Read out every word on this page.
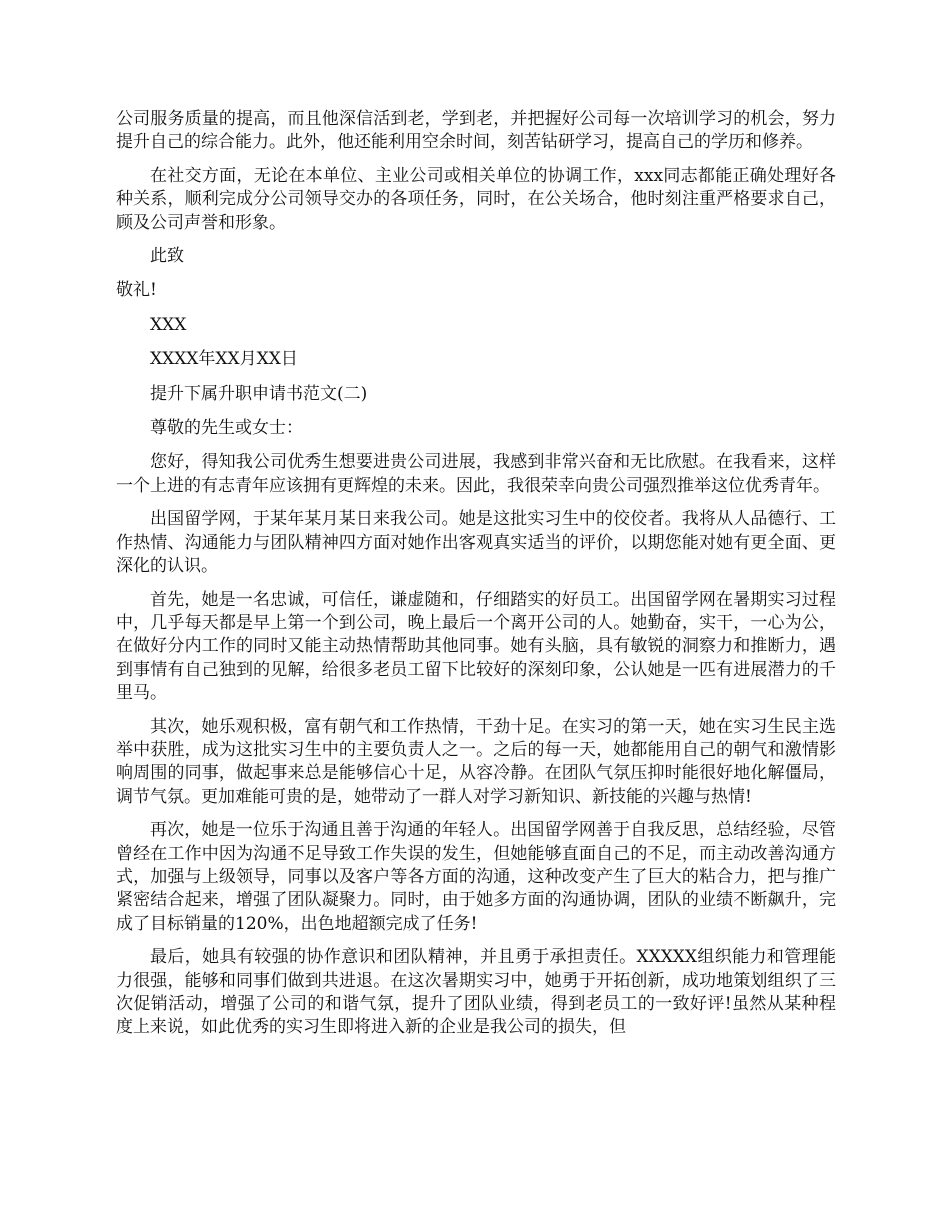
公司服务质量的提高，而且他深信活到老，学到老，并把握好公司每一次培训学习的机会，努力提升自己的综合能力。此外，他还能利用空余时间，刻苦钻研学习，提高自己的学历和修养。

在社交方面，无论在本单位、主业公司或相关单位的协调工作，xxx同志都能正确处理好各种关系，顺利完成分公司领导交办的各项任务，同时，在公关场合，他时刻注重严格要求自己，顾及公司声誉和形象。

此致

敬礼!

XXX

XXXX年XX月XX日

提升下属升职申请书范文(二)

尊敬的先生或女士：

您好，得知我公司优秀生想要进贵公司进展，我感到非常兴奋和无比欣慰。在我看来，这样一个上进的有志青年应该拥有更辉煌的未来。因此，我很荣幸向贵公司强烈推举这位优秀青年。

出国留学网，于某年某月某日来我公司。她是这批实习生中的佼佼者。我将从人品德行、工作热情、沟通能力与团队精神四方面对她作出客观真实适当的评价，以期您能对她有更全面、更深化的认识。

首先，她是一名忠诚，可信任，谦虚随和，仔细踏实的好员工。出国留学网在暑期实习过程中，几乎每天都是早上第一个到公司，晚上最后一个离开公司的人。她勤奋，实干，一心为公，在做好分内工作的同时又能主动热情帮助其他同事。她有头脑，具有敏锐的洞察力和推断力，遇到事情有自己独到的见解，给很多老员工留下比较好的深刻印象，公认她是一匹有进展潜力的千里马。

其次，她乐观积极，富有朝气和工作热情，干劲十足。在实习的第一天，她在实习生民主选举中获胜，成为这批实习生中的主要负责人之一。之后的每一天，她都能用自己的朝气和激情影响周围的同事，做起事来总是能够信心十足，从容冷静。在团队气氛压抑时能很好地化解僵局，调节气氛。更加难能可贵的是，她带动了一群人对学习新知识、新技能的兴趣与热情!

再次，她是一位乐于沟通且善于沟通的年轻人。出国留学网善于自我反思，总结经验，尽管曾经在工作中因为沟通不足导致工作失误的发生，但她能够直面自己的不足，而主动改善沟通方式，加强与上级领导，同事以及客户等各方面的沟通，这种改变产生了巨大的粘合力，把与推广紧密结合起来，增强了团队凝聚力。同时，由于她多方面的沟通协调，团队的业绩不断飙升，完成了目标销量的120%，出色地超额完成了任务!

最后，她具有较强的协作意识和团队精神，并且勇于承担责任。XXXXX组织能力和管理能力很强，能够和同事们做到共进退。在这次暑期实习中，她勇于开拓创新，成功地策划组织了三次促销活动，增强了公司的和谐气氛，提升了团队业绩，得到老员工的一致好评!虽然从某种程度上来说，如此优秀的实习生即将进入新的企业是我公司的损失，但
